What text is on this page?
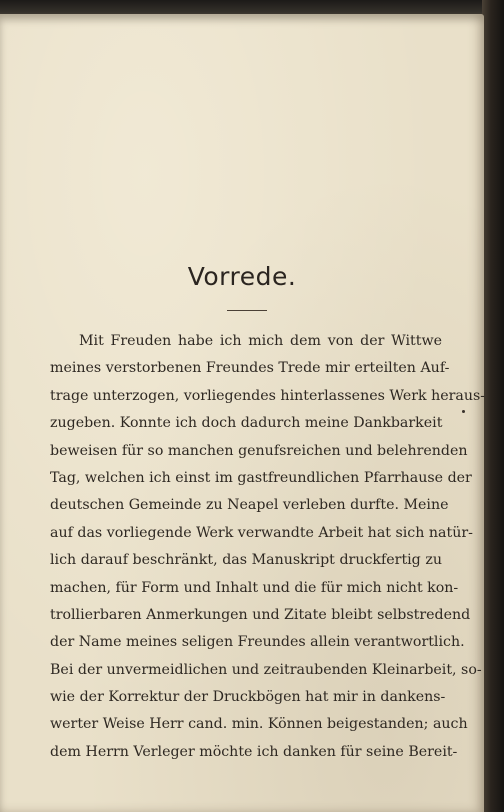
Vorrede.
Mit Freuden habe ich mich dem von der Wittwe
meines verstorbenen Freundes Trede mir erteilten Auf-
trage unterzogen, vorliegendes hinterlassenes Werk heraus-
zugeben. Konnte ich doch dadurch meine Dankbarkeit
beweisen für so manchen genufsreichen und belehrenden
Tag, welchen ich einst im gastfreundlichen Pfarrhause der
deutschen Gemeinde zu Neapel verleben durfte. Meine
auf das vorliegende Werk verwandte Arbeit hat sich natür-
lich darauf beschränkt, das Manuskript druckfertig zu
machen, für Form und Inhalt und die für mich nicht kon-
trollierbaren Anmerkungen und Zitate bleibt selbstredend
der Name meines seligen Freundes allein verantwortlich.
Bei der unvermeidlichen und zeitraubenden Kleinarbeit, so-
wie der Korrektur der Druckbögen hat mir in dankens-
werter Weise Herr cand. min. Können beigestanden; auch
dem Herrn Verleger möchte ich danken für seine Bereit-
